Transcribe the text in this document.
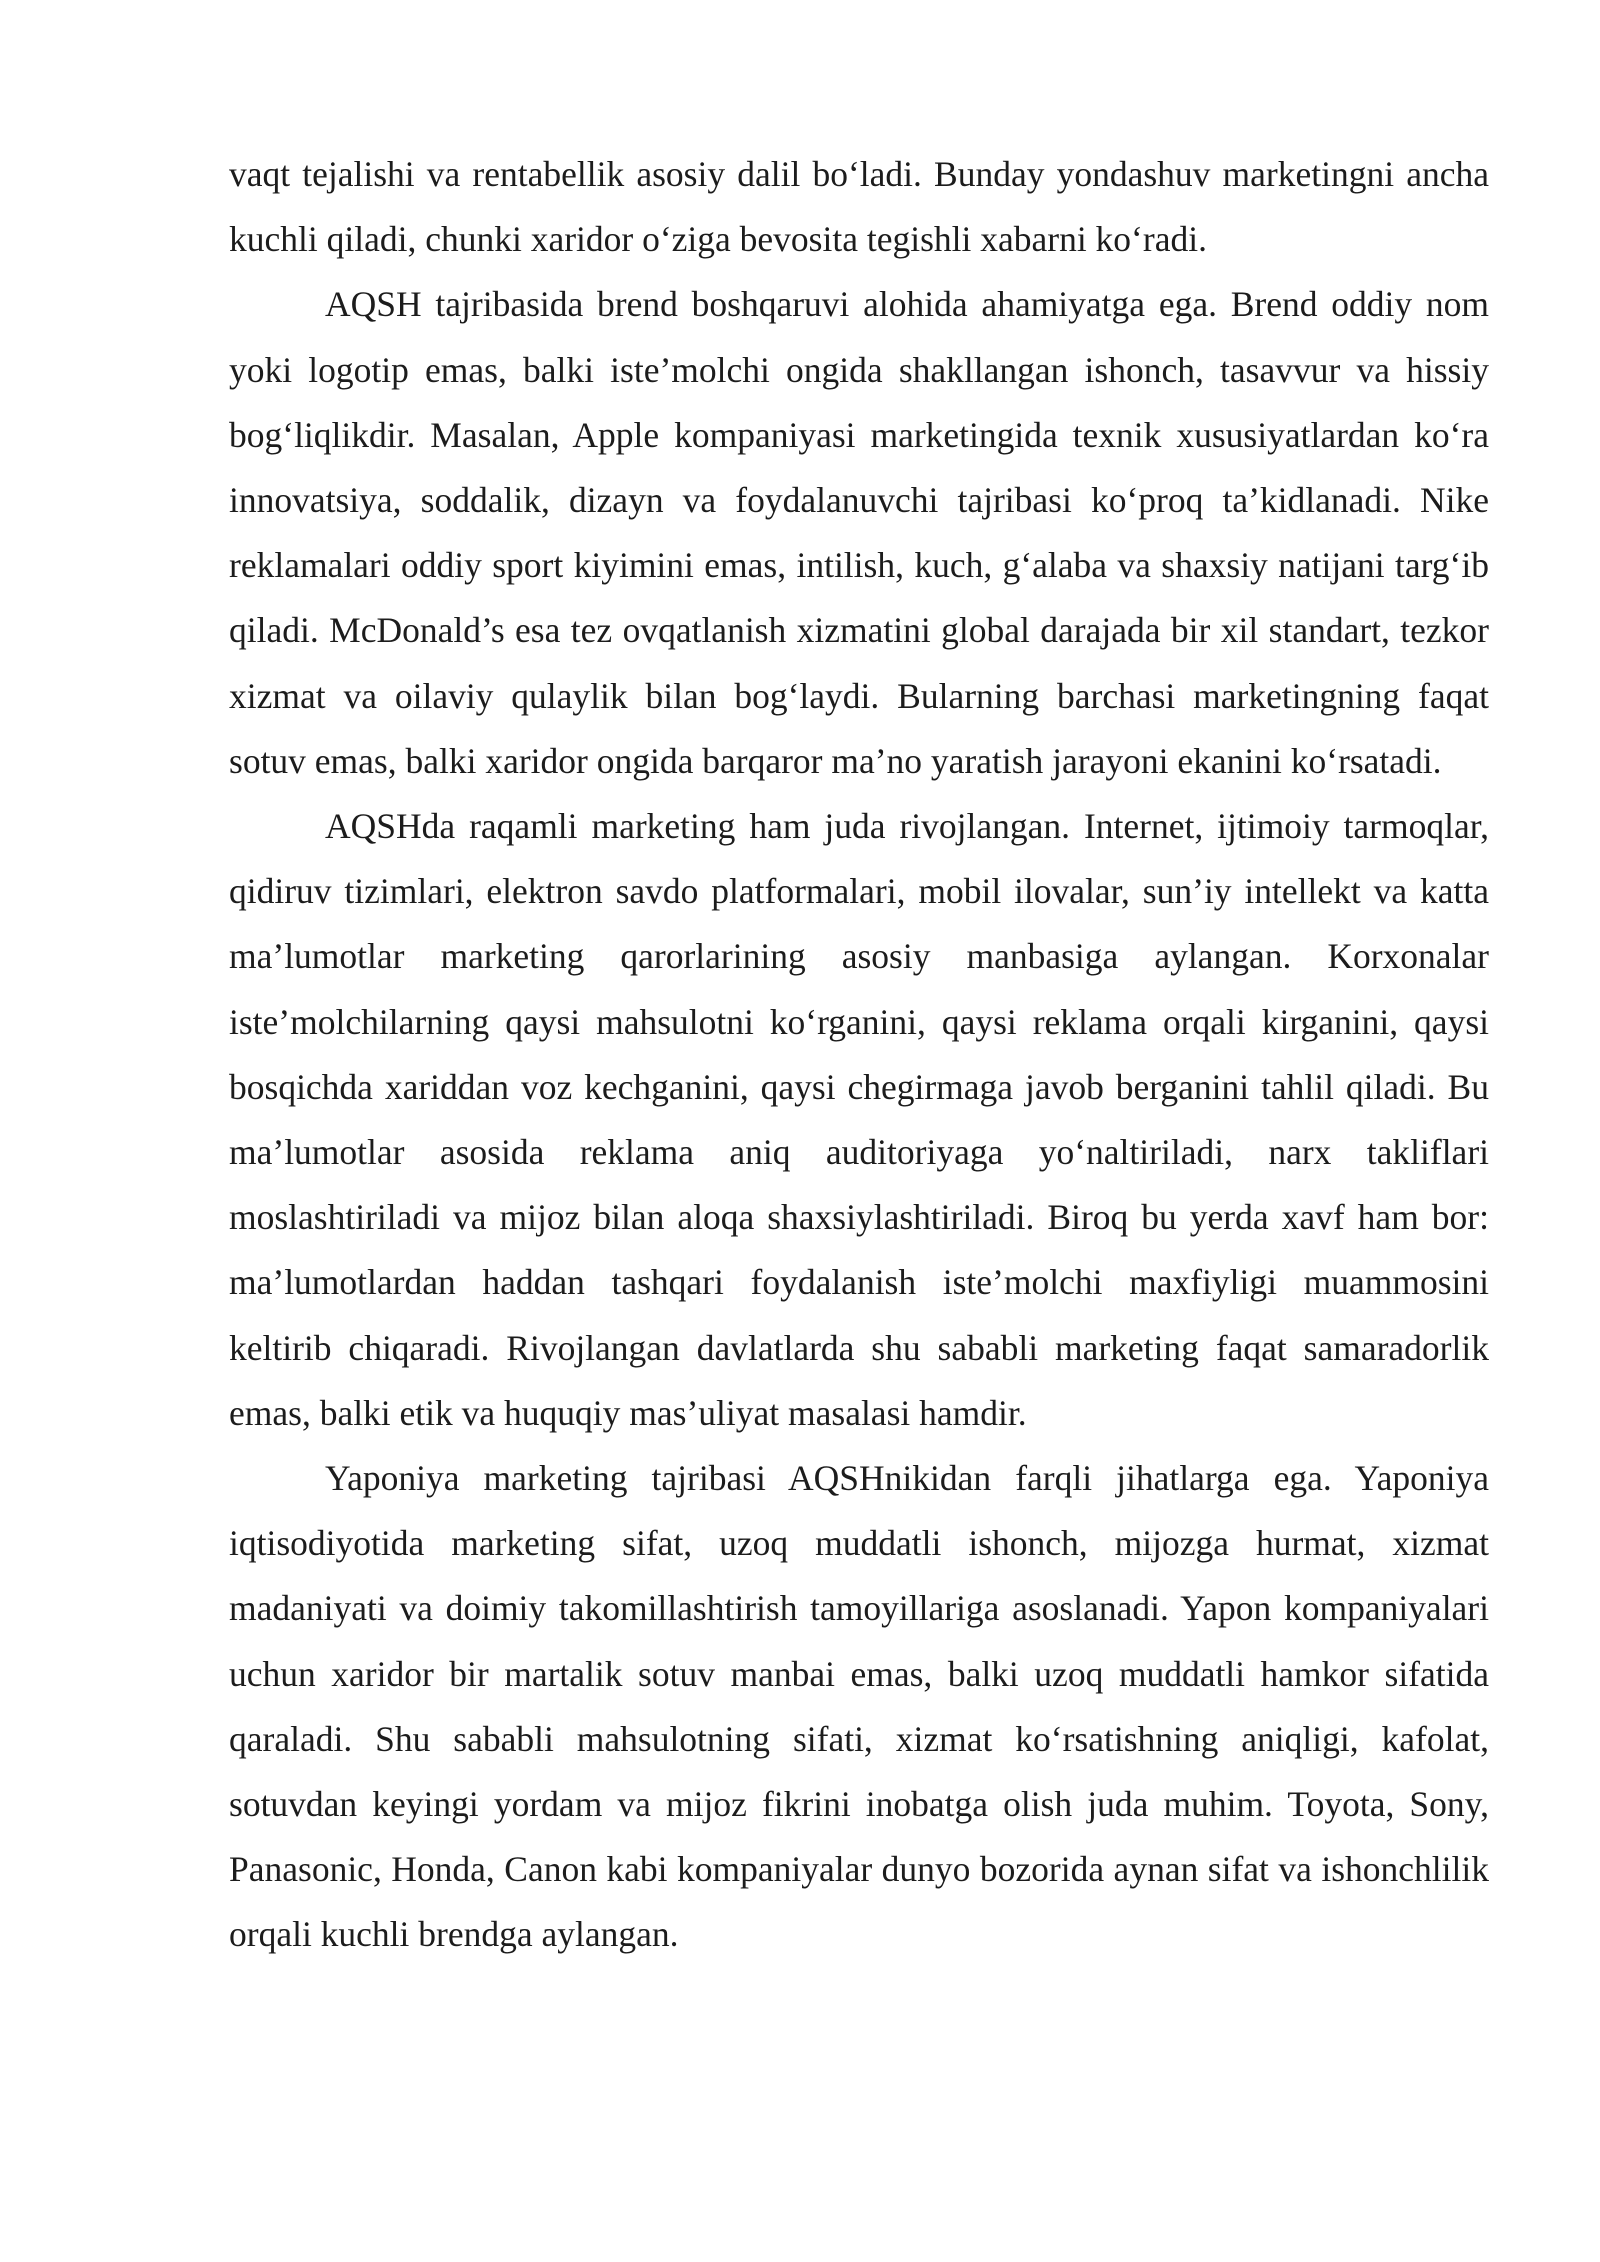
vaqt tejalishi va rentabellik asosiy dalil bo‘ladi. Bunday yondashuv marketingni ancha kuchli qiladi, chunki xaridor o‘ziga bevosita tegishli xabarni ko‘radi.

AQSH tajribasida brend boshqaruvi alohida ahamiyatga ega. Brend oddiy nom yoki logotip emas, balki iste’molchi ongida shakllangan ishonch, tasavvur va hissiy bog‘liqlikdir. Masalan, Apple kompaniyasi marketingida texnik xususiyatlardan ko‘ra innovatsiya, soddalik, dizayn va foydalanuvchi tajribasi ko‘proq ta’kidlanadi. Nike reklamalari oddiy sport kiyimini emas, intilish, kuch, g‘alaba va shaxsiy natijani targ‘ib qiladi. McDonald’s esa tez ovqatlanish xizmatini global darajada bir xil standart, tezkor xizmat va oilaviy qulaylik bilan bog‘laydi. Bularning barchasi marketingning faqat sotuv emas, balki xaridor ongida barqaror ma’no yaratish jarayoni ekanini ko‘rsatadi.

AQSHda raqamli marketing ham juda rivojlangan. Internet, ijtimoiy tarmoqlar, qidiruv tizimlari, elektron savdo platformalari, mobil ilovalar, sun’iy intellekt va katta ma’lumotlar marketing qarorlarining asosiy manbasiga aylangan. Korxonalar iste’molchilarning qaysi mahsulotni ko‘rganini, qaysi reklama orqali kirganini, qaysi bosqichda xariddan voz kechganini, qaysi chegirmaga javob berganini tahlil qiladi. Bu ma’lumotlar asosida reklama aniq auditoriyaga yo‘naltiriladi, narx takliflari moslashtiriladi va mijoz bilan aloqa shaxsiylashtiriladi. Biroq bu yerda xavf ham bor: ma’lumotlardan haddan tashqari foydalanish iste’molchi maxfiyligi muammosini keltirib chiqaradi. Rivojlangan davlatlarda shu sababli marketing faqat samaradorlik emas, balki etik va huquqiy mas’uliyat masalasi hamdir.

Yaponiya marketing tajribasi AQSHnikidan farqli jihatlarga ega. Yaponiya iqtisodiyotida marketing sifat, uzoq muddatli ishonch, mijozga hurmat, xizmat madaniyati va doimiy takomillashtirish tamoyillariga asoslanadi. Yapon kompaniyalari uchun xaridor bir martalik sotuv manbai emas, balki uzoq muddatli hamkor sifatida qaraladi. Shu sababli mahsulotning sifati, xizmat ko‘rsatishning aniqligi, kafolat, sotuvdan keyingi yordam va mijoz fikrini inobatga olish juda muhim. Toyota, Sony, Panasonic, Honda, Canon kabi kompaniyalar dunyo bozorida aynan sifat va ishonchlilik orqali kuchli brendga aylangan.
